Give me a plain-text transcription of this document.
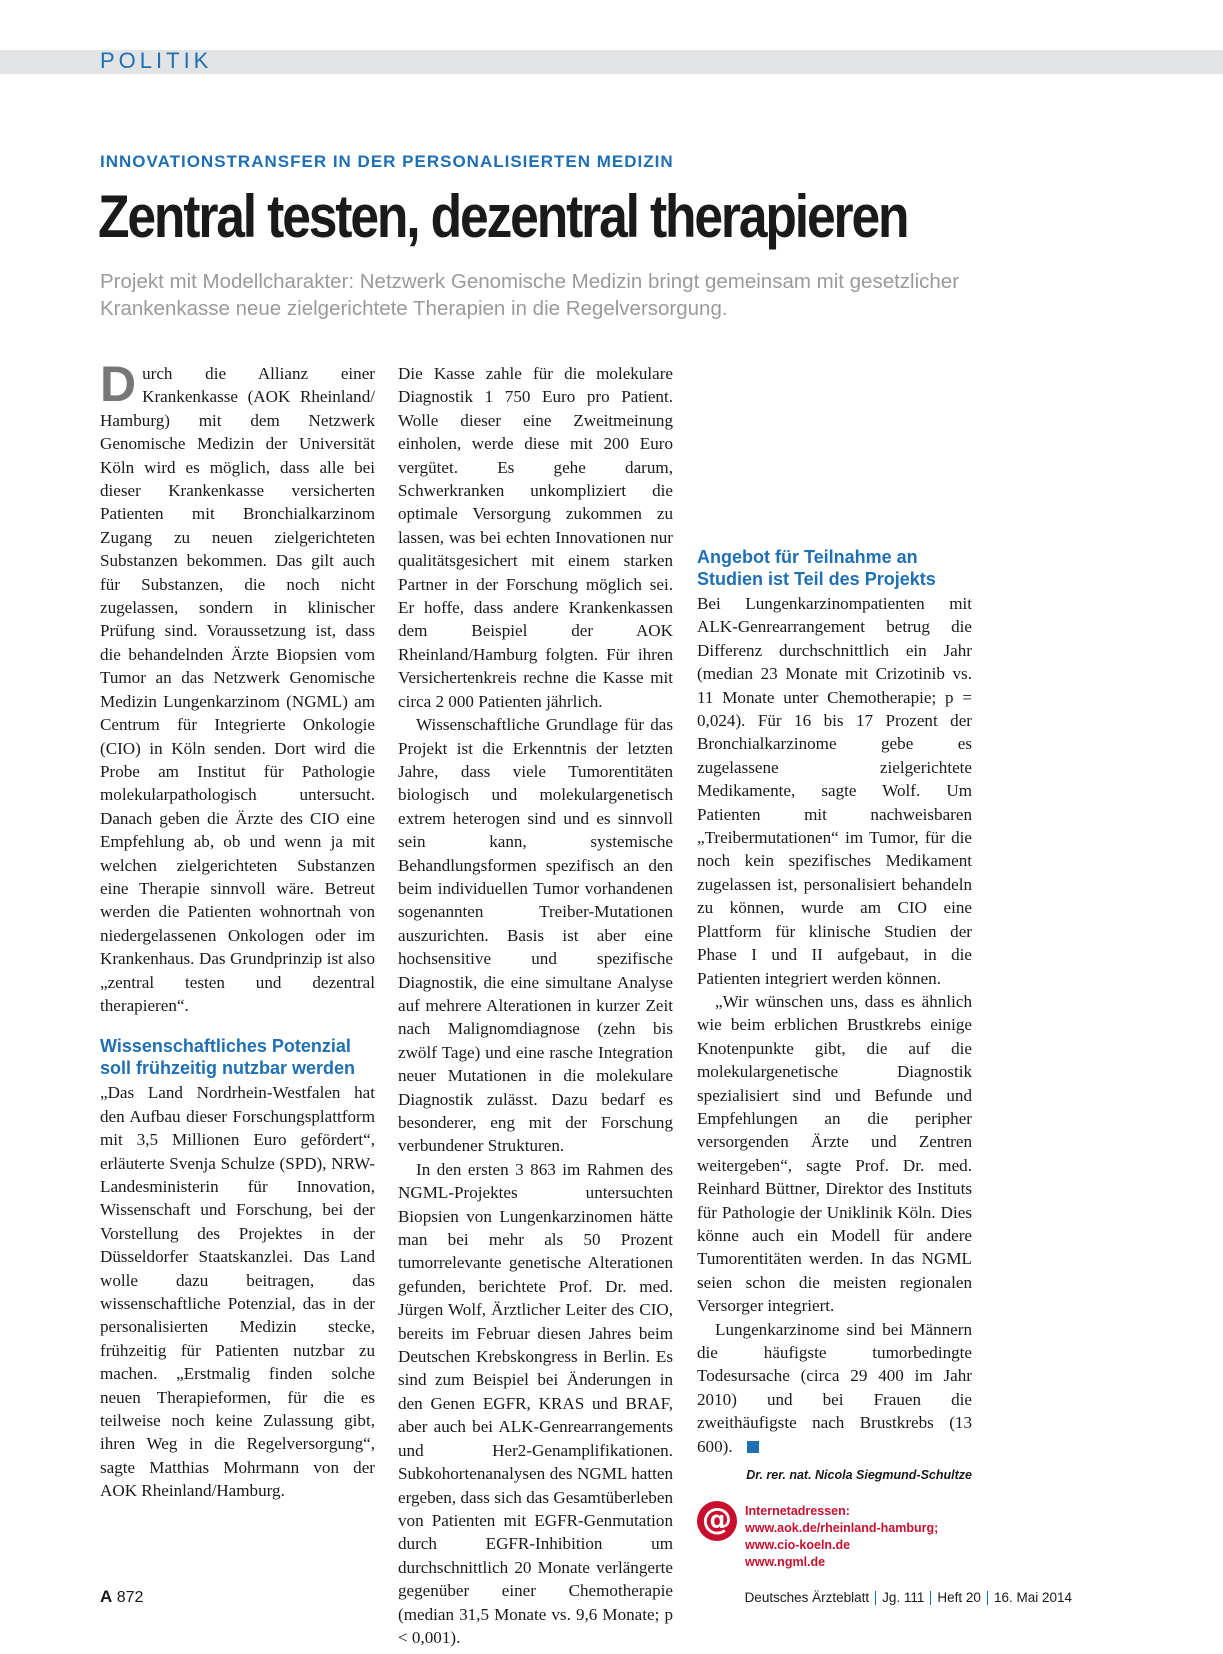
POLITIK
INNOVATIONSTRANSFER IN DER PERSONALISIERTEN MEDIZIN
Zentral testen, dezentral therapieren

Projekt mit Modellcharakter: Netzwerk Genomische Medizin bringt gemeinsam mit gesetzlicher Krankenkasse neue zielgerichtete Therapien in die Regelversorgung.

Durch die Allianz einer Krankenkasse (AOK Rheinland/ Hamburg) mit dem Netzwerk Genomische Medizin der Universität Köln wird es möglich, dass alle bei dieser Krankenkasse versicherten Patienten mit Bronchialkarzinom Zugang zu neuen zielgerichteten Substanzen bekommen. Das gilt auch für Substanzen, die noch nicht zugelassen, sondern in klinischer Prüfung sind. Voraussetzung ist, dass die behandelnden Ärzte Biopsien vom Tumor an das Netzwerk Genomische Medizin Lungenkarzinom (NGML) am Centrum für Integrierte Onkologie (CIO) in Köln senden. Dort wird die Probe am Institut für Pathologie molekularpathologisch untersucht. Danach geben die Ärzte des CIO eine Empfehlung ab, ob und wenn ja mit welchen zielgerichteten Substanzen eine Therapie sinnvoll wäre. Betreut werden die Patienten wohnortnah von niedergelassenen Onkologen oder im Krankenhaus. Das Grundprinzip ist also „zentral testen und dezentral therapieren“.

Wissenschaftliches Potenzial soll frühzeitig nutzbar werden

„Das Land Nordrhein-Westfalen hat den Aufbau dieser Forschungsplattform mit 3,5 Millionen Euro gefördert“, erläuterte Svenja Schulze (SPD), NRW-Landesministerin für Innovation, Wissenschaft und Forschung, bei der Vorstellung des Projektes in der Düsseldorfer Staatskanzlei. Das Land wolle dazu beitragen, das wissenschaftliche Potenzial, das in der personalisierten Medizin stecke, frühzeitig für Patienten nutzbar zu machen. „Erstmalig finden solche neuen Therapieformen, für die es teilweise noch keine Zulassung gibt, ihren Weg in die Regelversorgung“, sagte Matthias Mohrmann von der AOK Rheinland/Hamburg.

Die Kasse zahle für die molekulare Diagnostik 1 750 Euro pro Patient. Wolle dieser eine Zweitmeinung einholen, werde diese mit 200 Euro vergütet. Es gehe darum, Schwerkranken unkompliziert die optimale Versorgung zukommen zu lassen, was bei echten Innovationen nur qualitätsgesichert mit einem starken Partner in der Forschung möglich sei. Er hoffe, dass andere Krankenkassen dem Beispiel der AOK Rheinland/Hamburg folgten. Für ihren Versichertenkreis rechne die Kasse mit circa 2 000 Patienten jährlich.

Wissenschaftliche Grundlage für das Projekt ist die Erkenntnis der letzten Jahre, dass viele Tumorentitäten biologisch und molekulargenetisch extrem heterogen sind und es sinnvoll sein kann, systemische Behandlungsformen spezifisch an den beim individuellen Tumor vorhandenen sogenannten Treiber-Mutationen auszurichten. Basis ist aber eine hochsensitive und spezifische Diagnostik, die eine simultane Analyse auf mehrere Alterationen in kurzer Zeit nach Malignomdiagnose (zehn bis zwölf Tage) und eine rasche Integration neuer Mutationen in die molekulare Diagnostik zulässt. Dazu bedarf es besonderer, eng mit der Forschung verbundener Strukturen.

In den ersten 3 863 im Rahmen des NGML-Projektes untersuchten Biopsien von Lungenkarzinomen hätte man bei mehr als 50 Prozent tumorrelevante genetische Alterationen gefunden, berichtete Prof. Dr. med. Jürgen Wolf, Ärztlicher Leiter des CIO, bereits im Februar diesen Jahres beim Deutschen Krebskongress in Berlin. Es sind zum Beispiel bei Änderungen in den Genen EGFR, KRAS und BRAF, aber auch bei ALK-Genrearrangements und Her2-Genamplifikationen. Subkohortenanalysen des NGML hatten ergeben, dass sich das Gesamtüberleben von Patienten mit EGFR-Genmutation durch EGFR-Inhibition um durchschnittlich 20 Monate verlängerte gegenüber einer Chemotherapie (median 31,5 Monate vs. 9,6 Monate; p < 0,001).

Angebot für Teilnahme an Studien ist Teil des Projekts

Bei Lungenkarzinompatienten mit ALK-Genrearrangement betrug die Differenz durchschnittlich ein Jahr (median 23 Monate mit Crizotinib vs. 11 Monate unter Chemotherapie; p = 0,024). Für 16 bis 17 Prozent der Bronchialkarzinome gebe es zugelassene zielgerichtete Medikamente, sagte Wolf. Um Patienten mit nachweisbaren „Treibermutationen“ im Tumor, für die noch kein spezifisches Medikament zugelassen ist, personalisiert behandeln zu können, wurde am CIO eine Plattform für klinische Studien der Phase I und II aufgebaut, in die Patienten integriert werden können.

„Wir wünschen uns, dass es ähnlich wie beim erblichen Brustkrebs einige Knotenpunkte gibt, die auf die molekulargenetische Diagnostik spezialisiert sind und Befunde und Empfehlungen an die peripher versorgenden Ärzte und Zentren weitergeben“, sagte Prof. Dr. med. Reinhard Büttner, Direktor des Instituts für Pathologie der Uniklinik Köln. Dies könne auch ein Modell für andere Tumorentitäten werden. In das NGML seien schon die meisten regionalen Versorger integriert.

Lungenkarzinome sind bei Männern die häufigste tumorbedingte Todesursache (circa 29 400 im Jahr 2010) und bei Frauen die zweithäufigste nach Brustkrebs (13 600).

Dr. rer. nat. Nicola Siegmund-Schultze

@	Internetadressen:
www.aok.de/rheinland-hamburg;
www.cio-koeln.de
www.ngml.de
A 872	Deutsches Ärzteblatt Jg. 111 Heft 20 16. Mai 2014
